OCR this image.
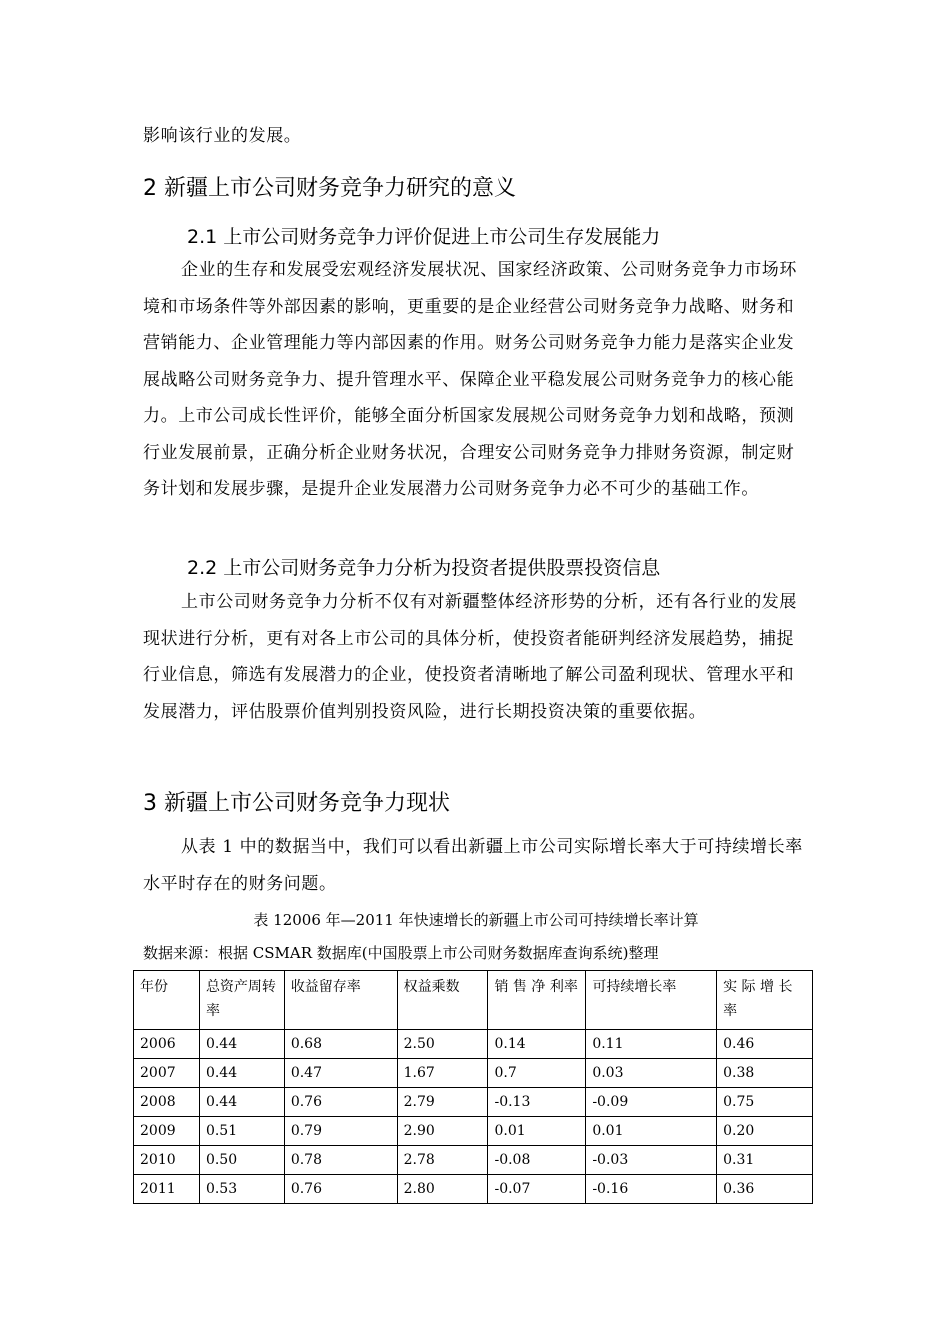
影响该行业的发展。

2 新疆上市公司财务竞争力研究的意义
2.1 上市公司财务竞争力评价促进上市公司生存发展能力

企业的生存和发展受宏观经济发展状况、国家经济政策、公司财务竞争力市场环境和市场条件等外部因素的影响，更重要的是企业经营公司财务竞争力战略、财务和营销能力、企业管理能力等内部因素的作用。财务公司财务竞争力能力是落实企业发展战略公司财务竞争力、提升管理水平、保障企业平稳发展公司财务竞争力的核心能力。上市公司成长性评价，能够全面分析国家发展规公司财务竞争力划和战略，预测行业发展前景，正确分析企业财务状况，合理安公司财务竞争力排财务资源，制定财务计划和发展步骤，是提升企业发展潜力公司财务竞争力必不可少的基础工作。

2.2 上市公司财务竞争力分析为投资者提供股票投资信息

上市公司财务竞争力分析不仅有对新疆整体经济形势的分析，还有各行业的发展现状进行分析，更有对各上市公司的具体分析，使投资者能研判经济发展趋势，捕捉行业信息，筛选有发展潜力的企业，使投资者清晰地了解公司盈利现状、管理水平和发展潜力，评估股票价值判别投资风险，进行长期投资决策的重要依据。

3 新疆上市公司财务竞争力现状

从表 1 中的数据当中，我们可以看出新疆上市公司实际增长率大于可持续增长率水平时存在的财务问题。

表 12006 年—2011 年快速增长的新疆上市公司可持续增长率计算

数据来源：根据 CSMAR 数据库(中国股票上市公司财务数据库查询系统)整理

年份	总资产周转率	收益留存率	权益乘数	销 售 净 利率	可持续增长率	实 际 增 长率
2006	0.44	0.68	2.50	0.14	0.11	0.46
2007	0.44	0.47	1.67	0.7	0.03	0.38
2008	0.44	0.76	2.79	-0.13	-0.09	0.75
2009	0.51	0.79	2.90	0.01	0.01	0.20
2010	0.50	0.78	2.78	-0.08	-0.03	0.31
2011	0.53	0.76	2.80	-0.07	-0.16	0.36
